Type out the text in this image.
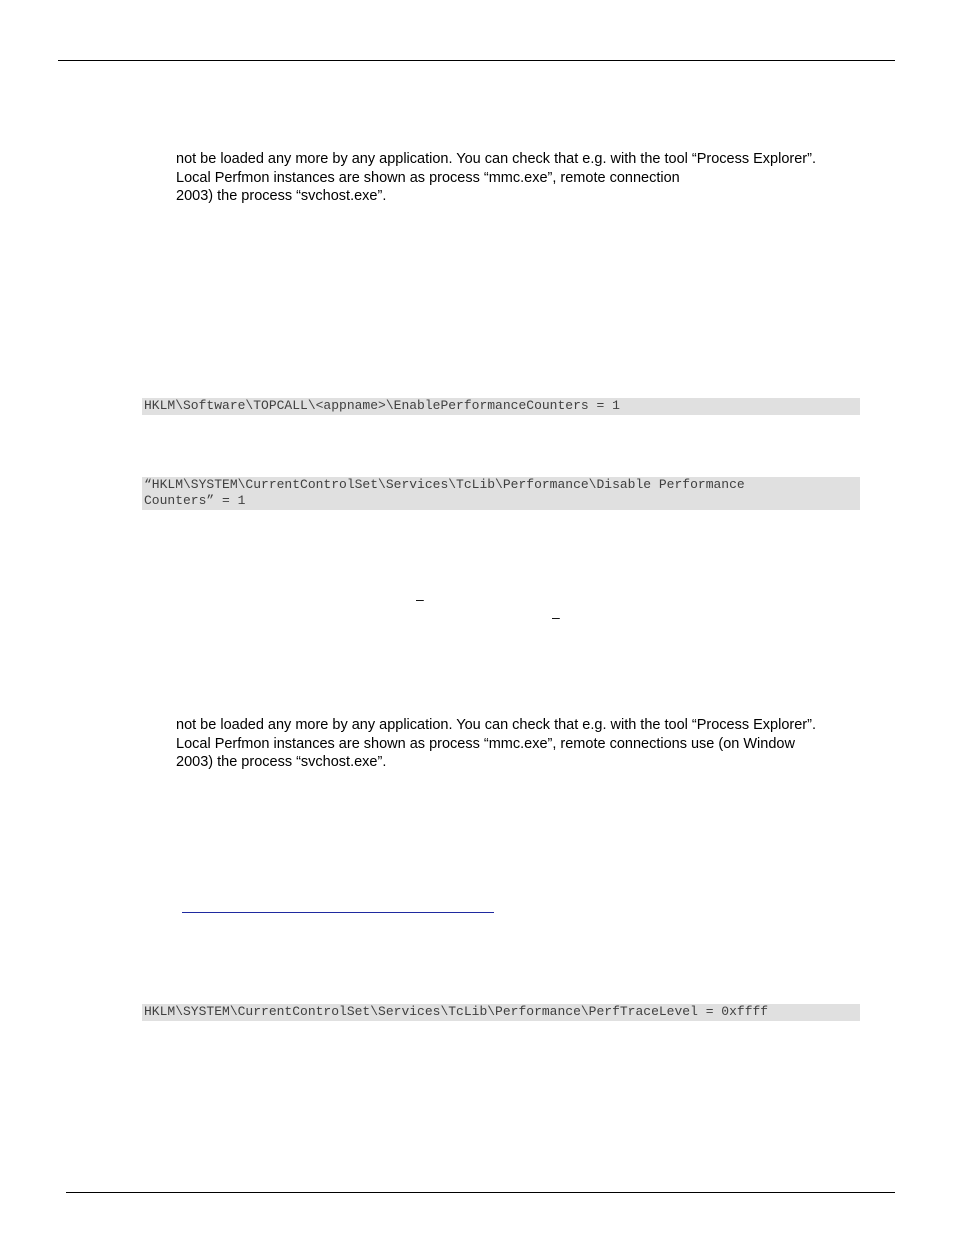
not be loaded any more by any application. You can check that e.g. with the tool “Process Explorer”.
Local Perfmon instances are shown as process “mmc.exe”, remote connection
2003) the process “svchost.exe”.
HKLM\Software\TOPCALL\<appname>\EnablePerformanceCounters = 1
“HKLM\SYSTEM\CurrentControlSet\Services\TcLib\Performance\Disable Performance
Counters” = 1
–
–
not be loaded any more by any application. You can check that e.g. with the tool “Process Explorer”.
Local Perfmon instances are shown as process “mmc.exe”, remote connections use (on Window
2003) the process “svchost.exe”.
HKLM\SYSTEM\CurrentControlSet\Services\TcLib\Performance\PerfTraceLevel = 0xffff
